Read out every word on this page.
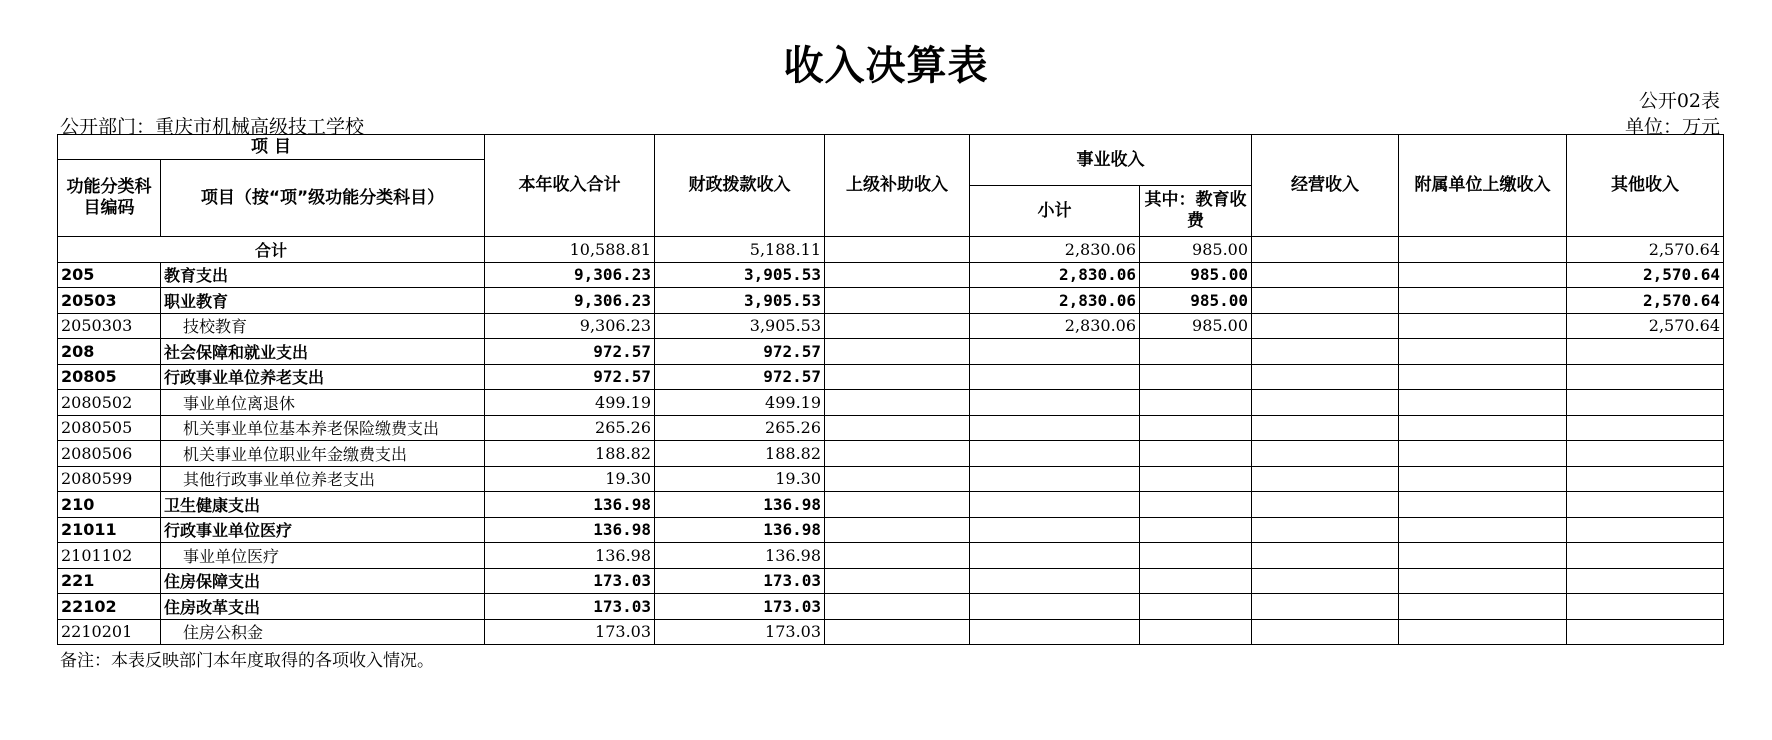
收入决算表
公开02表
公开部门：重庆市机械高级技工学校	单位：万元
项 目		本年收入合计	财政拨款收入	上级补助收入	事业收入		经营收入	附属单位上缴收入	其他收入
功能分类科目编码	项目（按“项”级功能分类科目）								
					小计	其中：教育收费			
合计		10,588.81	5,188.11		2,830.06	985.00			2,570.64
205	教育支出	9,306.23	3,905.53		2,830.06	985.00			2,570.64
20503	职业教育	9,306.23	3,905.53		2,830.06	985.00			2,570.64
2050303	技校教育	9,306.23	3,905.53		2,830.06	985.00			2,570.64
208	社会保障和就业支出	972.57	972.57						
20805	行政事业单位养老支出	972.57	972.57						
2080502	事业单位离退休	499.19	499.19						
2080505	机关事业单位基本养老保险缴费支出	265.26	265.26						
2080506	机关事业单位职业年金缴费支出	188.82	188.82						
2080599	其他行政事业单位养老支出	19.30	19.30						
210	卫生健康支出	136.98	136.98						
21011	行政事业单位医疗	136.98	136.98						
2101102	事业单位医疗	136.98	136.98						
221	住房保障支出	173.03	173.03						
22102	住房改革支出	173.03	173.03						
2210201	住房公积金	173.03	173.03						
备注：本表反映部门本年度取得的各项收入情况。
